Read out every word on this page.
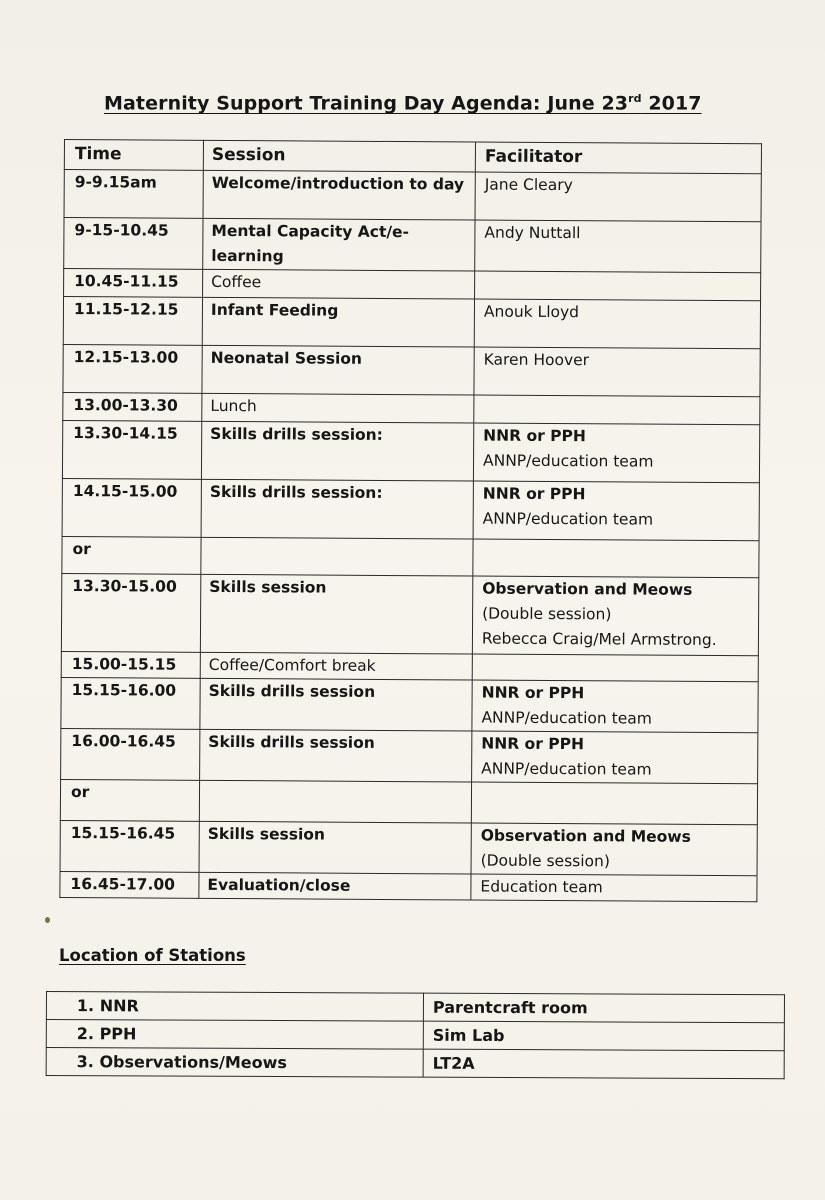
Maternity Support Training Day Agenda: June 23rd 2017
Time	Session	Facilitator
9-9.15am	Welcome/introduction to day	Jane Cleary

9-15-10.45	Mental Capacity Act/e-learning	Andy Nuttall

10.45-11.15	Coffee	
11.15-12.15	Infant Feeding	Anouk Lloyd

12.15-13.00	Neonatal Session	Karen Hoover

13.00-13.30	Lunch	
13.30-14.15	Skills drills session:	NNR or PPH
ANNP/education team

14.15-15.00	Skills drills session:	NNR or PPH
ANNP/education team

or		
13.30-15.00	Skills session	Observation and Meows
(Double session)
Rebecca Craig/Mel Armstrong.

15.00-15.15	Coffee/Comfort break	
15.15-16.00	Skills drills session	NNR or PPH
ANNP/education team

16.00-16.45	Skills drills session	NNR or PPH
ANNP/education team

or		
15.15-16.45	Skills session	Observation and Meows
(Double session)

16.45-17.00	Evaluation/close	Education team
Location of Stations
1. NNR	Parentcraft room
2. PPH	Sim Lab
3. Observations/Meows	LT2A
